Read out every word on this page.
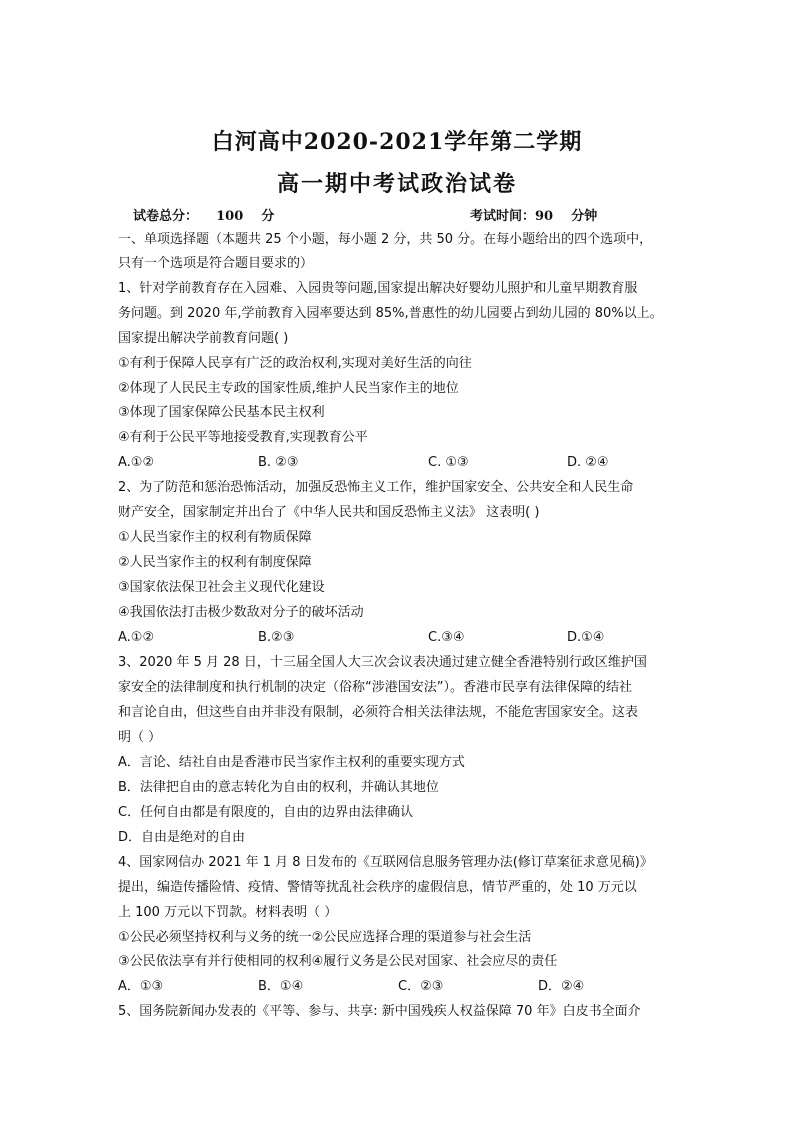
白河高中2020-2021学年第二学期
高一期中考试政治试卷
试卷总分：    100    分	考试时间：90    分钟
一、单项选择题（本题共 25 个小题，每小题 2 分，共 50 分。在每小题给出的四个选项中，
只有一个选项是符合题目要求的）
1、针对学前教育存在入园难、入园贵等问题,国家提出解决好婴幼儿照护和儿童早期教育服
务问题。到 2020 年,学前教育入园率要达到 85%,普惠性的幼儿园要占到幼儿园的 80%以上。
国家提出解决学前教育问题( )
①有利于保障人民享有广泛的政治权利,实现对美好生活的向往
②体现了人民民主专政的国家性质,维护人民当家作主的地位
③体现了国家保障公民基本民主权利
④有利于公民平等地接受教育,实现教育公平
A.①②	B. ②③	C. ①③	D. ②④
2、为了防范和惩治恐怖活动，加强反恐怖主义工作，维护国家安全、公共安全和人民生命
财产安全，国家制定并出台了《中华人民共和国反恐怖主义法》 这表明( )
①人民当家作主的权利有物质保障
②人民当家作主的权利有制度保障
③国家依法保卫社会主义现代化建设
④我国依法打击极少数敌对分子的破坏活动
A.①②	B.②③	C.③④	D.①④
3、2020 年 5 月 28 日，十三届全国人大三次会议表决通过建立健全香港特别行政区维护国
家安全的法律制度和执行机制的决定（俗称“涉港国安法”）。香港市民享有法律保障的结社
和言论自由，但这些自由并非没有限制，必须符合相关法律法规，不能危害国家安全。这表
明（ ）
A．言论、结社自由是香港市民当家作主权利的重要实现方式
B．法律把自由的意志转化为自由的权利，并确认其地位
C．任何自由都是有限度的，自由的边界由法律确认
D．自由是绝对的自由
4、国家网信办 2021 年 1 月 8 日发布的《互联网信息服务管理办法(修订草案征求意见稿)》
提出，编造传播险情、疫情、警情等扰乱社会秩序的虚假信息，情节严重的，处 10 万元以
上 100 万元以下罚款。材料表明（ ）
①公民必须坚持权利与义务的统一②公民应选择合理的渠道参与社会生活
③公民依法享有并行使相同的权利④履行义务是公民对国家、社会应尽的责任
A．①③	B．①④	C．②③	D．②④
5、国务院新闻办发表的《平等、参与、共享: 新中国残疾人权益保障 70 年》白皮书全面介
